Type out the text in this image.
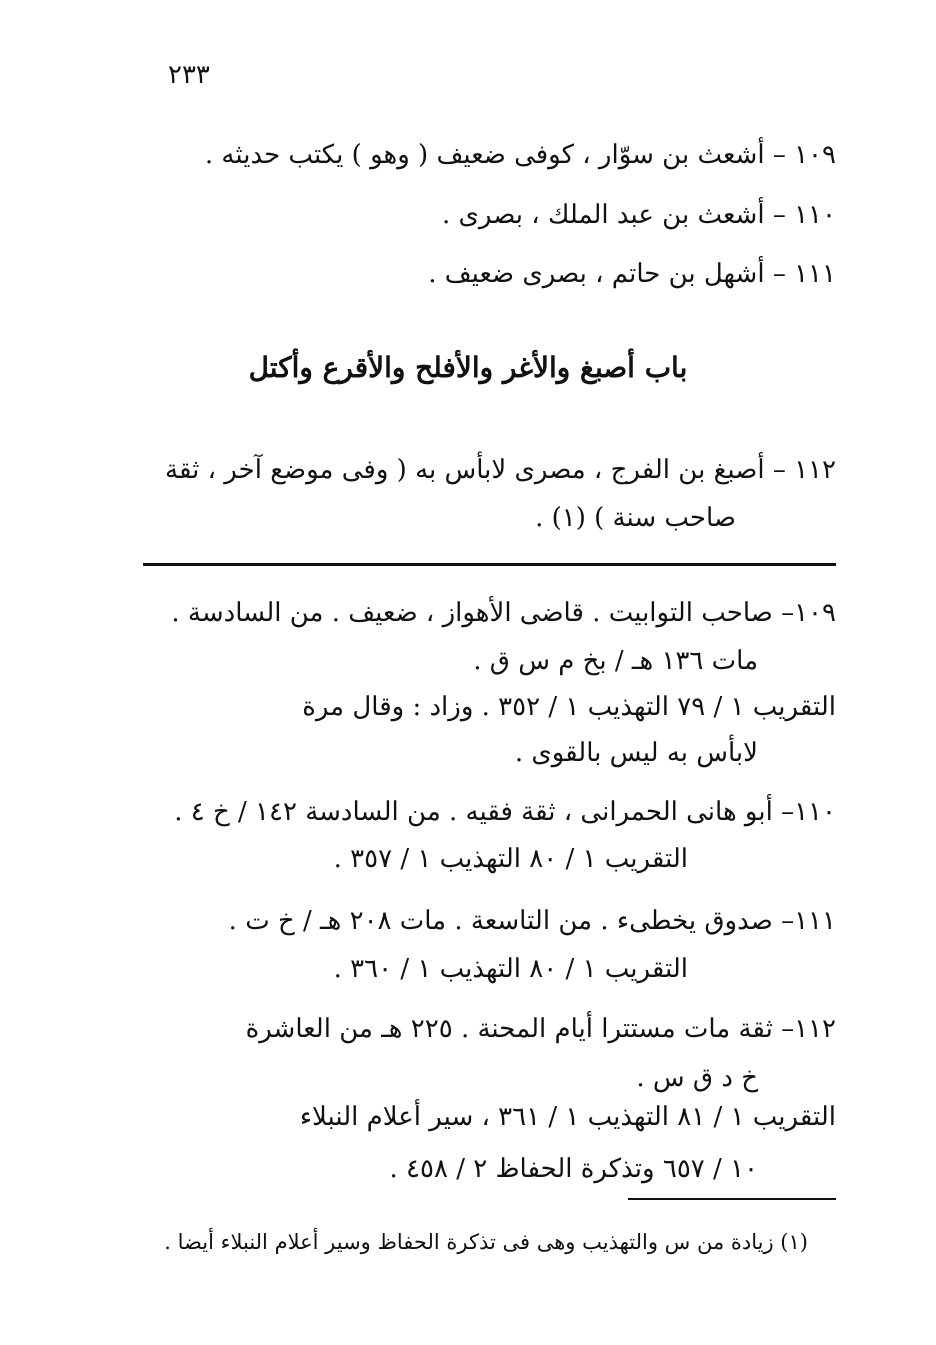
٢٣٣
١٠٩ – أشعث بن سوّار ، كوفى ضعيف ( وهو ) يكتب حديثه .
١١٠ – أشعث بن عبد الملك ، بصرى .
١١١ – أشهل بن حاتم ، بصرى ضعيف .
باب أصبغ والأغر والأفلح والأقرع وأكتل
١١٢ – أصبغ بن الفرج ، مصرى لابأس به ( وفى موضع آخر ، ثقة
صاحب سنة ) (١) .
١٠٩– صاحب التوابيت . قاضى الأهواز ، ضعيف . من السادسة .
مات ١٣٦ هـ / بخ م س ق .
التقريب ١ / ٧٩ التهذيب ١ / ٣٥٢ . وزاد : وقال مرة
لابأس به ليس بالقوى .
١١٠– أبو هانى الحمرانى ، ثقة فقيه . من السادسة ١٤٢ / خ ٤ .
التقريب ١ / ٨٠ التهذيب ١ / ٣٥٧ .
١١١– صدوق يخطىء . من التاسعة . مات ٢٠٨ هـ / خ ت .
التقريب ١ / ٨٠ التهذيب ١ / ٣٦٠ .
١١٢– ثقة مات مستترا أيام المحنة . ٢٢٥ هـ من العاشرة
خ د ق س .
التقريب ١ / ٨١ التهذيب ١ / ٣٦١ ، سير أعلام النبلاء
١٠ / ٦٥٧ وتذكرة الحفاظ ٢ / ٤٥٨ .
(١) زيادة من س والتهذيب وهى فى تذكرة الحفاظ وسير أعلام النبلاء أيضا .
